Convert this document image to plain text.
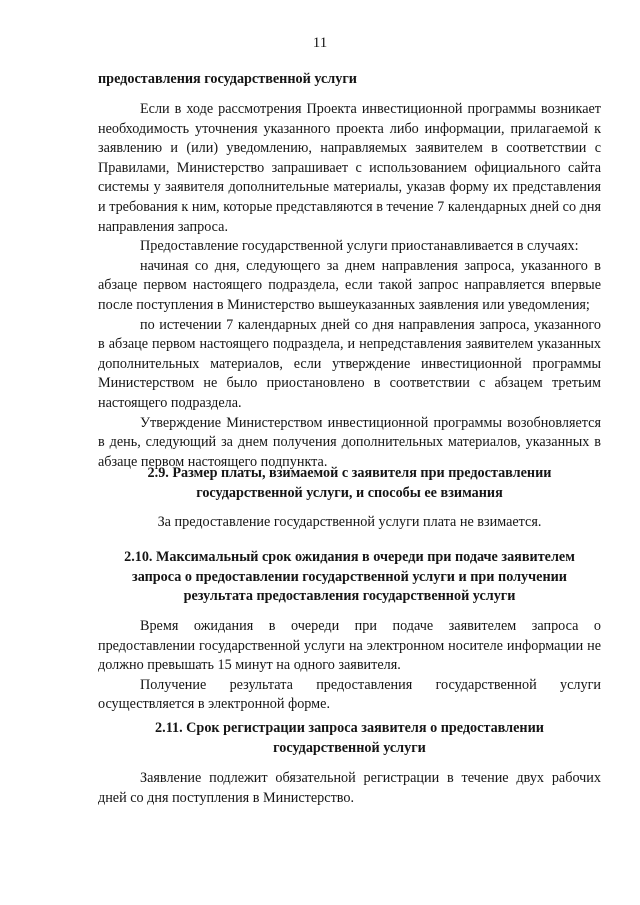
11

предоставления государственной услуги

Если в ходе рассмотрения Проекта инвестиционной программы возникает необходимость уточнения указанного проекта либо информации, прилагаемой к заявлению и (или) уведомлению, направляемых заявителем в соответствии с Правилами, Министерство запрашивает с использованием официального сайта системы у заявителя дополнительные материалы, указав форму их представления и требования к ним, которые представляются в течение 7 календарных дней со дня направления запроса.

Предоставление государственной услуги приостанавливается в случаях:

начиная со дня, следующего за днем направления запроса, указанного в абзаце первом настоящего подраздела, если такой запрос направляется впервые после поступления в Министерство вышеуказанных заявления или уведомления;

по истечении 7 календарных дней со дня направления запроса, указанного в абзаце первом настоящего подраздела, и непредставления заявителем указанных дополнительных материалов, если утверждение инвестиционной программы Министерством не было приостановлено в соответствии с абзацем третьим настоящего подраздела.

Утверждение Министерством инвестиционной программы возобновляется в день, следующий за днем получения дополнительных материалов, указанных в абзаце первом настоящего подпункта.

2.9. Размер платы, взимаемой с заявителя при предоставлении
государственной услуги, и способы ее взимания

За предоставление государственной услуги плата не взимается.

2.10. Максимальный срок ожидания в очереди при подаче заявителем
запроса о предоставлении государственной услуги и при получении
результата предоставления государственной услуги

Время ожидания в очереди при подаче заявителем запроса о предоставлении государственной услуги на электронном носителе информации не должно превышать 15 минут на одного заявителя.

Получение результата предоставления государственной услуги осуществляется в электронной форме.

2.11. Срок регистрации запроса заявителя о предоставлении
государственной услуги

Заявление подлежит обязательной регистрации в течение двух рабочих дней со дня поступления в Министерство.
